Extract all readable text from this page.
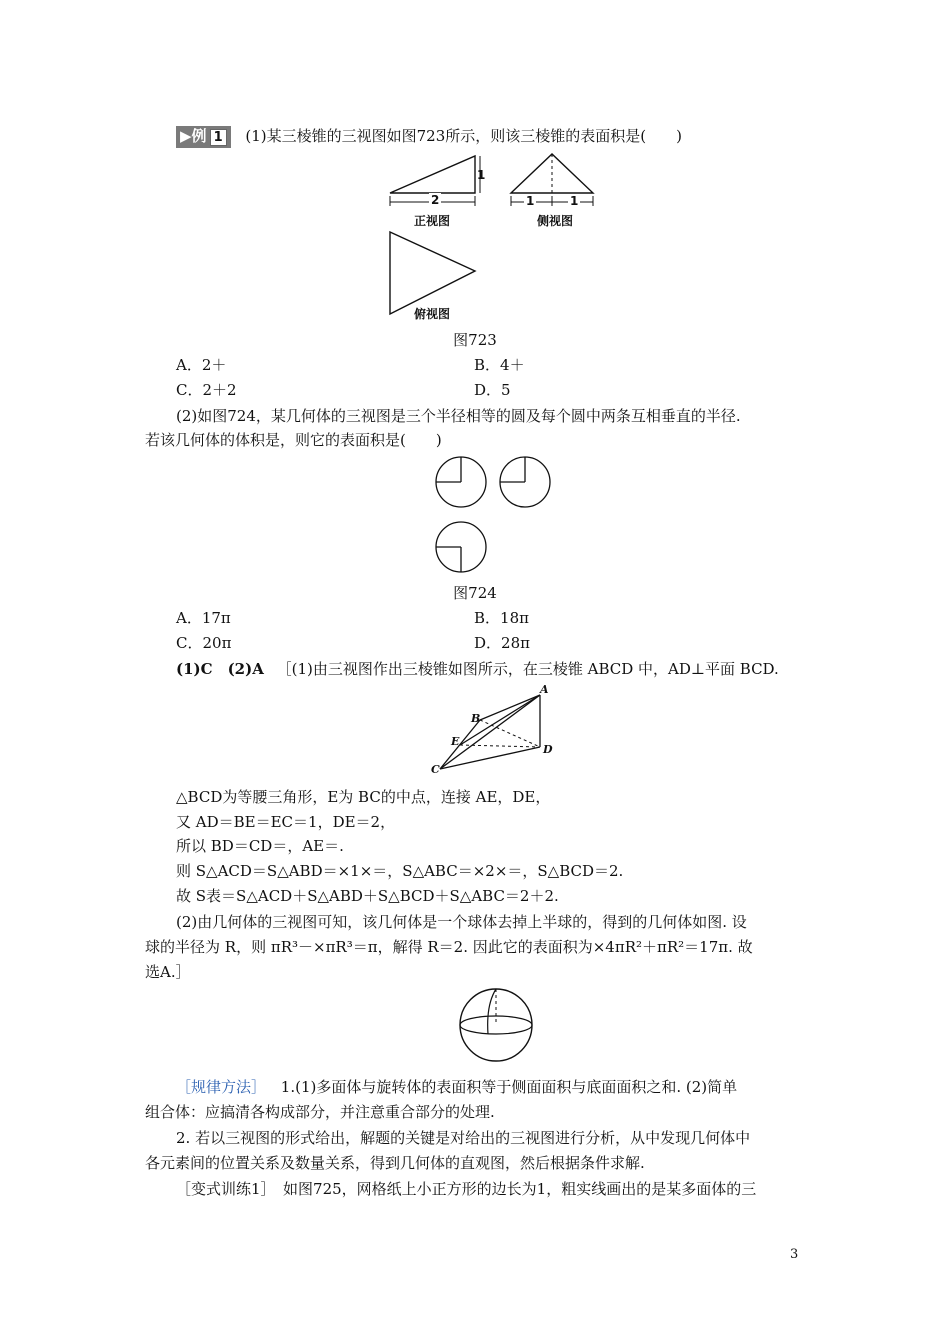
▶例 1 (1)某三棱锥的三视图如图723所示，则该三棱锥的表面积是(　　)
2
1
正视图
1	1
侧视图
俯视图
图723
A．2＋	B．4＋
C．2＋2	D．5
(2)如图724，某几何体的三视图是三个半径相等的圆及每个圆中两条互相垂直的半径.
若该几何体的体积是，则它的表面积是(　　)
图724
A．17π	B．18π
C．20π	D．28π
(1)C　(2)A ［(1)由三视图作出三棱锥如图所示，在三棱锥 ABCD 中，AD⊥平面 BCD.
A
B
E
D
C
△BCD为等腰三角形，E为 BC的中点，连接 AE，DE，
又 AD＝BE＝EC＝1，DE＝2，
所以 BD＝CD＝，AE＝.
则 S△ACD＝S△ABD＝×1×＝，S△ABC＝×2×＝，S△BCD＝2.
故 S表＝S△ACD＋S△ABD＋S△BCD＋S△ABC＝2＋2.
(2)由几何体的三视图可知，该几何体是一个球体去掉上半球的，得到的几何体如图. 设
球的半径为 R，则 πR³－×πR³＝π，解得 R＝2. 因此它的表面积为×4πR²＋πR²＝17π. 故
选A.］
［规律方法］ 1.(1)多面体与旋转体的表面积等于侧面面积与底面面积之和. (2)简单
组合体：应搞清各构成部分，并注意重合部分的处理.
2. 若以三视图的形式给出，解题的关键是对给出的三视图进行分析，从中发现几何体中
各元素间的位置关系及数量关系，得到几何体的直观图，然后根据条件求解.
［变式训练1］　如图725，网格纸上小正方形的边长为1，粗实线画出的是某多面体的三
3
